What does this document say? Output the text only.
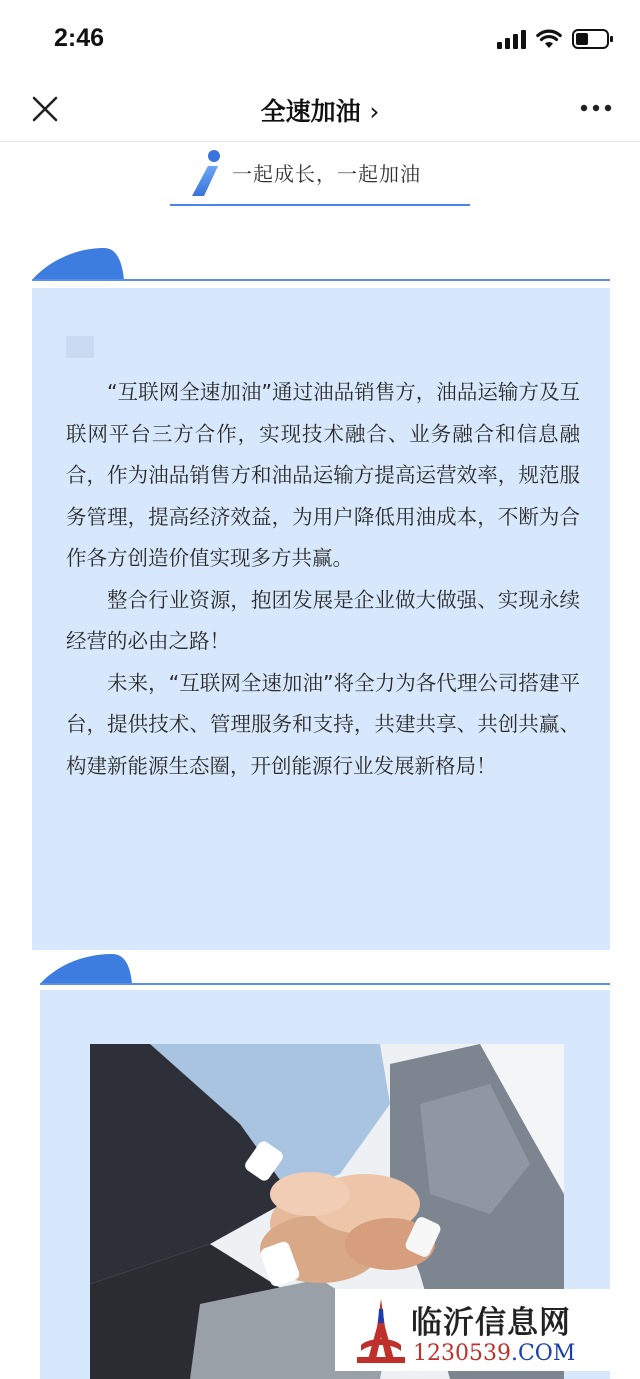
2:46
全速加油 ›
一起成长，一起加油

“互联网全速加油”通过油品销售方，油品运输方及互联网平台三方合作，实现技术融合、业务融合和信息融合，作为油品销售方和油品运输方提高运营效率，规范服务管理，提高经济效益，为用户降低用油成本，不断为合作各方创造价值实现多方共赢。

整合行业资源，抱团发展是企业做大做强、实现永续经营的必由之路！

未来，“互联网全速加油”将全力为各代理公司搭建平台，提供技术、管理服务和支持，共建共享、共创共赢、构建新能源生态圈，开创能源行业发展新格局！

临沂信息网
1230539.COM
